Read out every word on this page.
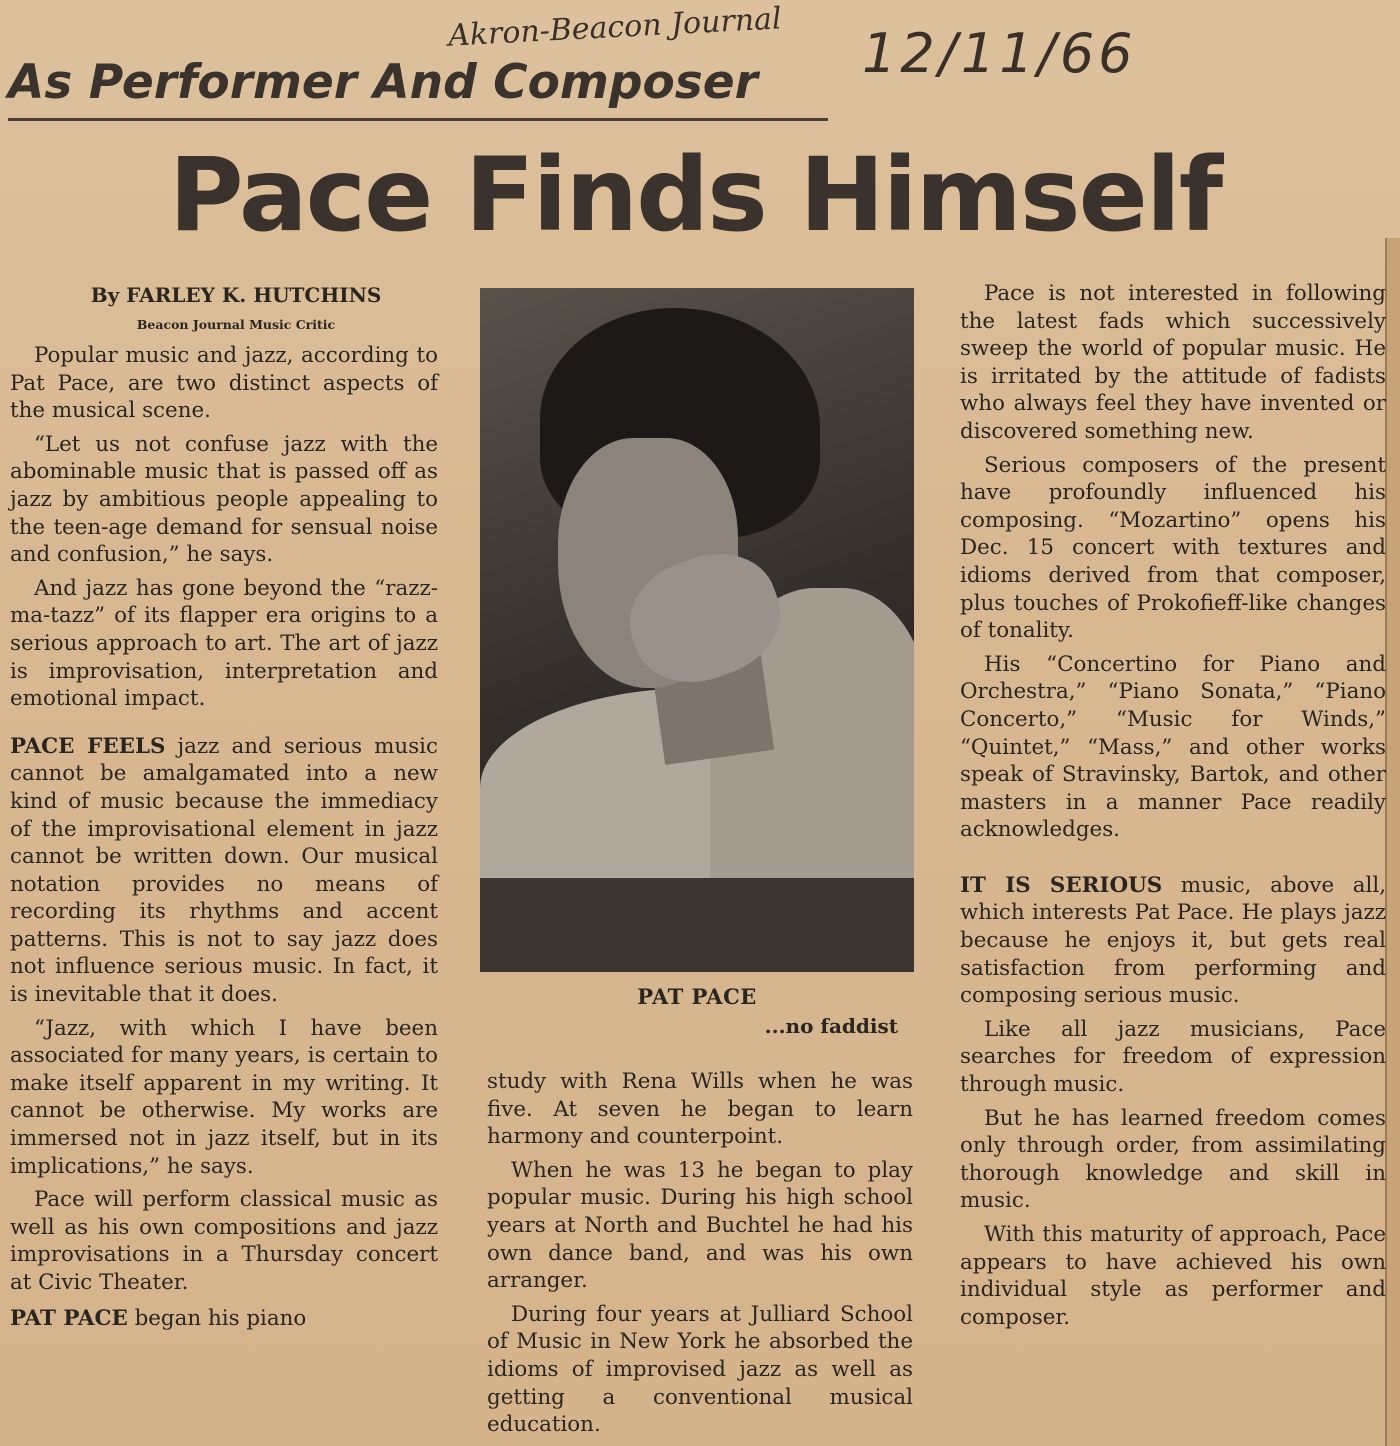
Akron-Beacon Journal 12/11/66
As Performer And Composer
Pace Finds Himself

By FARLEY K. HUTCHINS

Beacon Journal Music Critic

Popular music and jazz, according to Pat Pace, are two distinct aspects of the musical scene.

“Let us not confuse jazz with the abominable music that is passed off as jazz by ambitious people appealing to the teen-age demand for sensual noise and confusion,” he says.

And jazz has gone beyond the “razz-ma-tazz” of its flapper era origins to a serious approach to art. The art of jazz is improvisation, interpretation and emotional impact.

PACE FEELS jazz and serious music cannot be amalgamated into a new kind of music because the immediacy of the improvisational element in jazz cannot be written down. Our musical notation provides no means of recording its rhythms and accent patterns. This is not to say jazz does not influence serious music. In fact, it is inevitable that it does.

“Jazz, with which I have been associated for many years, is certain to make itself apparent in my writing. It cannot be otherwise. My works are immersed not in jazz itself, but in its implications,” he says.

Pace will perform classical music as well as his own compositions and jazz improvisations in a Thursday concert at Civic Theater.

PAT PACE began his piano

PAT PACE

...no faddist

study with Rena Wills when he was five. At seven he began to learn harmony and counterpoint.

When he was 13 he began to play popular music. During his high school years at North and Buchtel he had his own dance band, and was his own arranger.

During four years at Julliard School of Music in New York he absorbed the idioms of improvised jazz as well as getting a conventional musical education.

Pace is not interested in following the latest fads which successively sweep the world of popular music. He is irritated by the attitude of fadists who always feel they have invented or discovered something new.

Serious composers of the present have profoundly influenced his composing. “Mozartino” opens his Dec. 15 concert with textures and idioms derived from that composer, plus touches of Prokofieff-like changes of tonality.

His “Concertino for Piano and Orchestra,” “Piano Sonata,” “Piano Concerto,” “Music for Winds,” “Quintet,” “Mass,” and other works speak of Stravinsky, Bartok, and other masters in a manner Pace readily acknowledges.

IT IS SERIOUS music, above all, which interests Pat Pace. He plays jazz because he enjoys it, but gets real satisfaction from performing and composing serious music.

Like all jazz musicians, Pace searches for freedom of expression through music.

But he has learned freedom comes only through order, from assimilating thorough knowledge and skill in music.

With this maturity of approach, Pace appears to have achieved his own individual style as performer and composer.
